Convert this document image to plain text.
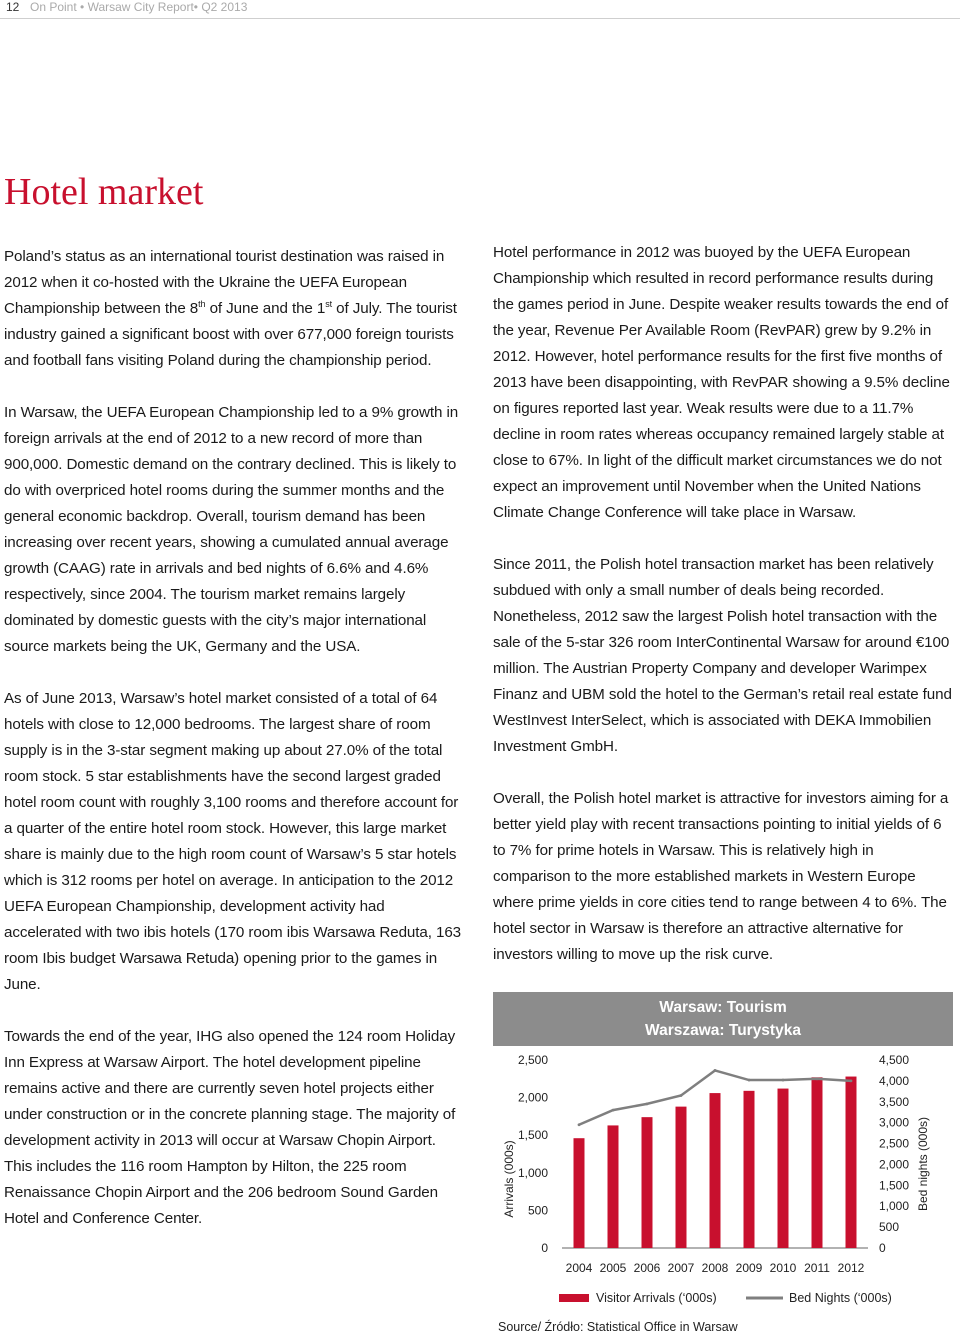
12 On Point • Warsaw City Report• Q2 2013
Hotel market

Poland’s status as an international tourist destination was raised in 2012 when it co-hosted with the Ukraine the UEFA European Championship between the 8th of June and the 1st of July. The tourist industry gained a significant boost with over 677,000 foreign tourists and football fans visiting Poland during the championship period.

In Warsaw, the UEFA European Championship led to a 9% growth in foreign arrivals at the end of 2012 to a new record of more than 900,000. Domestic demand on the contrary declined. This is likely to do with overpriced hotel rooms during the summer months and the general economic backdrop. Overall, tourism demand has been increasing over recent years, showing a cumulated annual average growth (CAAG) rate in arrivals and bed nights of 6.6% and 4.6% respectively, since 2004. The tourism market remains largely dominated by domestic guests with the city’s major international source markets being the UK, Germany and the USA.

As of June 2013, Warsaw’s hotel market consisted of a total of 64 hotels with close to 12,000 bedrooms. The largest share of room supply is in the 3-star segment making up about 27.0% of the total room stock. 5 star establishments have the second largest graded hotel room count with roughly 3,100 rooms and therefore account for a quarter of the entire hotel room stock. However, this large market share is mainly due to the high room count of Warsaw’s 5 star hotels which is 312 rooms per hotel on average. In anticipation to the 2012 UEFA European Championship, development activity had accelerated with two ibis hotels (170 room ibis Warsawa Reduta, 163 room Ibis budget Warsawa Retuda) opening prior to the games in June.

Towards the end of the year, IHG also opened the 124 room Holiday Inn Express at Warsaw Airport. The hotel development pipeline remains active and there are currently seven hotel projects either under construction or in the concrete planning stage. The majority of development activity in 2013 will occur at Warsaw Chopin Airport. This includes the 116 room Hampton by Hilton, the 225 room Renaissance Chopin Airport and the 206 bedroom Sound Garden Hotel and Conference Center.

Hotel performance in 2012 was buoyed by the UEFA European Championship which resulted in record performance results during the games period in June. Despite weaker results towards the end of the year, Revenue Per Available Room (RevPAR) grew by 9.2% in 2012. However, hotel performance results for the first five months of 2013 have been disappointing, with RevPAR showing a 9.5% decline on figures reported last year. Weak results were due to a 11.7% decline in room rates whereas occupancy remained largely stable at close to 67%. In light of the difficult market circumstances we do not expect an improvement until November when the United Nations Climate Change Conference will take place in Warsaw.

Since 2011, the Polish hotel transaction market has been relatively subdued with only a small number of deals being recorded. Nonetheless, 2012 saw the largest Polish hotel transaction with the sale of the 5-star 326 room InterContinental Warsaw for around €100 million. The Austrian Property Company and developer Warimpex Finanz and UBM sold the hotel to the German’s retail real estate fund WestInvest InterSelect, which is associated with DEKA Immobilien Investment GmbH.

Overall, the Polish hotel market is attractive for investors aiming for a better yield play with recent transactions pointing to initial yields of 6 to 7% for prime hotels in Warsaw. This is relatively high in comparison to the more established markets in Western Europe where prime yields in core cities tend to range between 4 to 6%. The hotel sector in Warsaw is therefore an attractive alternative for investors willing to move up the risk curve.

Warsaw: Tourism
Warszawa: Turystyka
0
500
1,000
1,500
2,000
2,500
0
500
1,000
1,500
2,000
2,500
3,000
3,500
4,000
4,500
Arrivals (000s)	Bed nights (000s)
2004 2005 2006 2007 2008 2009 2010 2011 2012
Visitor Arrivals (‘000s)	Bed Nights (‘000s)
Source/ Źródło: Statistical Office in Warsaw
